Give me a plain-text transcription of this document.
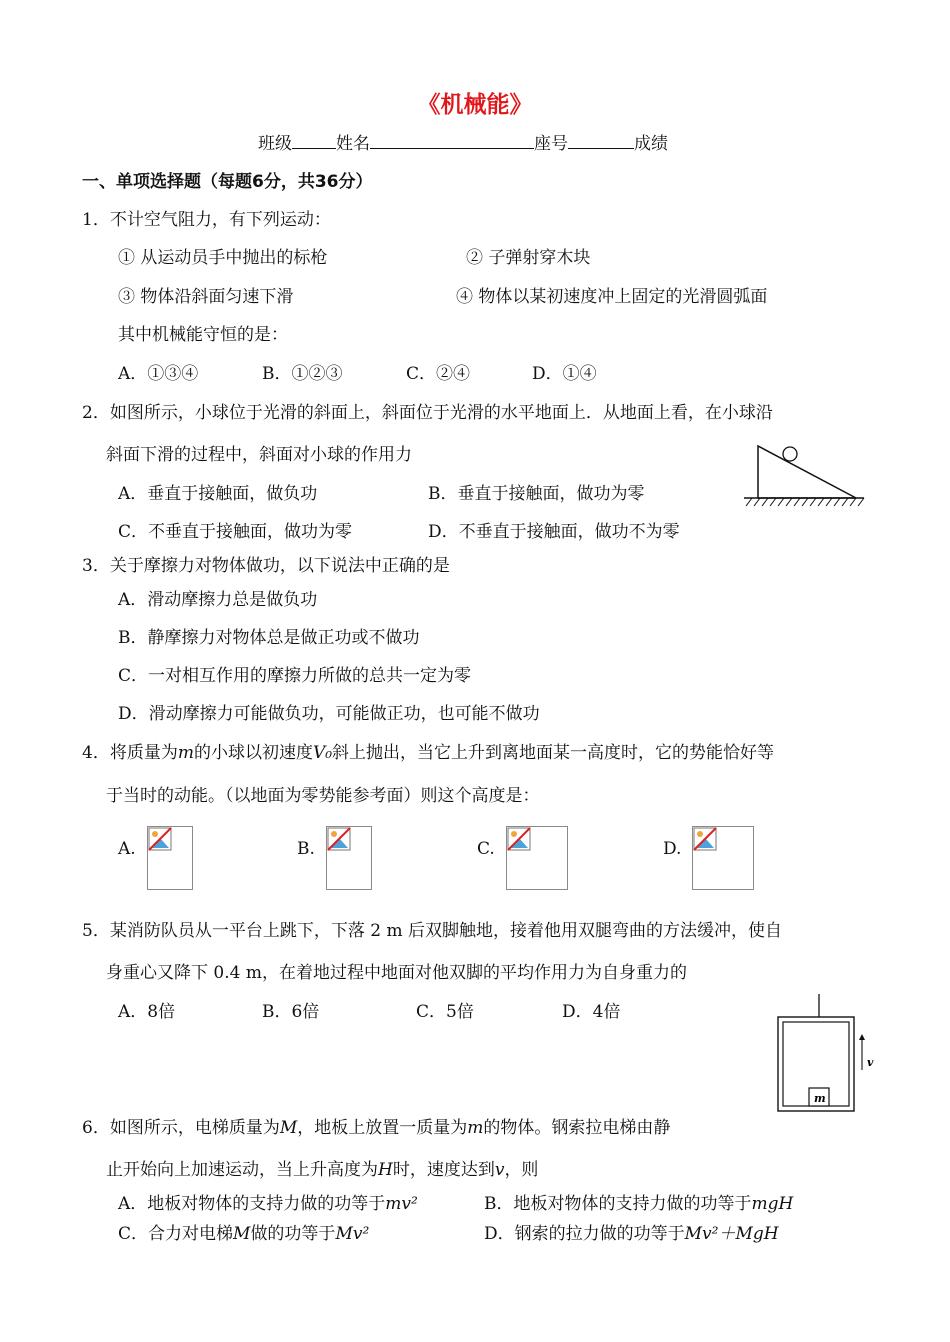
《机械能》
班级	姓名	座号	成绩
一、单项选择题（每题6分，共36分）
1．不计空气阻力，有下列运动：
① 从运动员手中抛出的标枪	② 子弹射穿木块
③ 物体沿斜面匀速下滑	④ 物体以某初速度冲上固定的光滑圆弧面
其中机械能守恒的是：
A．①③④	B．①②③	C．②④	D．①④
2．如图所示，小球位于光滑的斜面上，斜面位于光滑的水平地面上．从地面上看，在小球沿
斜面下滑的过程中，斜面对小球的作用力
A．垂直于接触面，做负功	B．垂直于接触面，做功为零
C．不垂直于接触面，做功为零	D．不垂直于接触面，做功不为零
3．关于摩擦力对物体做功，以下说法中正确的是
A．滑动摩擦力总是做负功
B．静摩擦力对物体总是做正功或不做功
C．一对相互作用的摩擦力所做的总共一定为零
D．滑动摩擦力可能做负功，可能做正功，也可能不做功
4．将质量为m的小球以初速度V₀斜上抛出，当它上升到离地面某一高度时，它的势能恰好等
于当时的动能。（以地面为零势能参考面）则这个高度是：
A.	B.	C.	D.
5．某消防队员从一平台上跳下，下落 2 m 后双脚触地，接着他用双腿弯曲的方法缓冲，使自
身重心又降下 0.4 m，在着地过程中地面对他双脚的平均作用力为自身重力的
A．8倍	B．6倍	C．5倍	D．4倍
m
v
6．如图所示，电梯质量为M，地板上放置一质量为m的物体。钢索拉电梯由静
止开始向上加速运动，当上升高度为H时，速度达到v，则
A．地板对物体的支持力做的功等于mv²	B．地板对物体的支持力做的功等于mgH
C．合力对电梯M做的功等于Mv²	D．钢索的拉力做的功等于Mv²＋MgH
